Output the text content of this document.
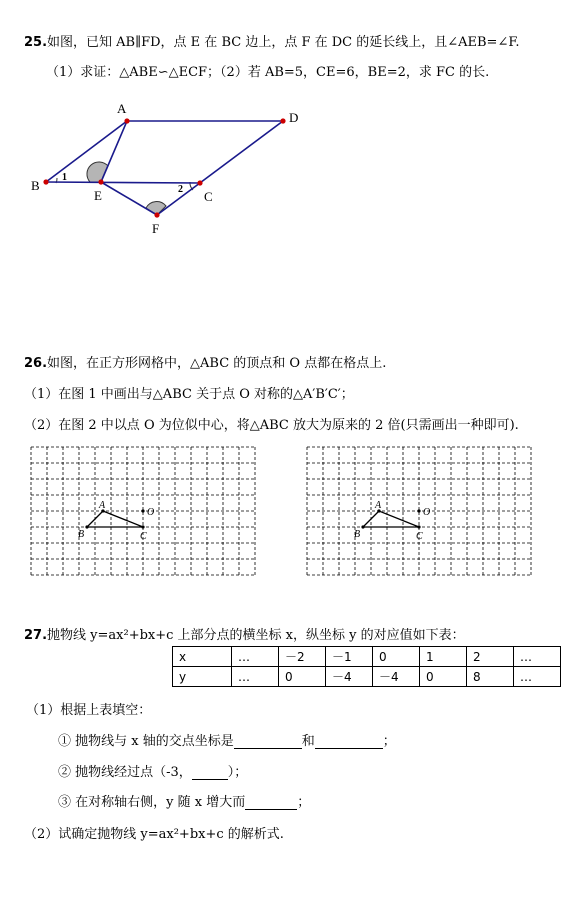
25.如图，已知 AB∥FD，点 E 在 BC 边上，点 F 在 DC 的延长线上，且∠AEB=∠F.
（1）求证：△ABE∽△ECF；（2）若 AB=5，CE=6，BE=2，求 FC 的长.
A
D
B
E	C
F
1
2
26.如图，在正方形网格中，△ABC 的顶点和 O 点都在格点上.
（1）在图 1 中画出与△ABC 关于点 O 对称的△A′B′C′；
（2）在图 2 中以点 O 为位似中心，将△ABC 放大为原来的 2 倍(只需画出一种即可).
A
B	C
O
A
B	C
O
27.抛物线 y=ax²+bx+c 上部分点的横坐标 x，纵坐标 y 的对应值如下表：
x	…	－2	－1	0	1	2	…
y	…	0	－4	－4	0	8	…
（1）根据上表填空：
① 抛物线与 x 轴的交点坐标是	和	；
② 抛物线经过点（-3，	）；
③ 在对称轴右侧，y 随 x 增大而	；
（2）试确定抛物线 y=ax²+bx+c 的解析式.
